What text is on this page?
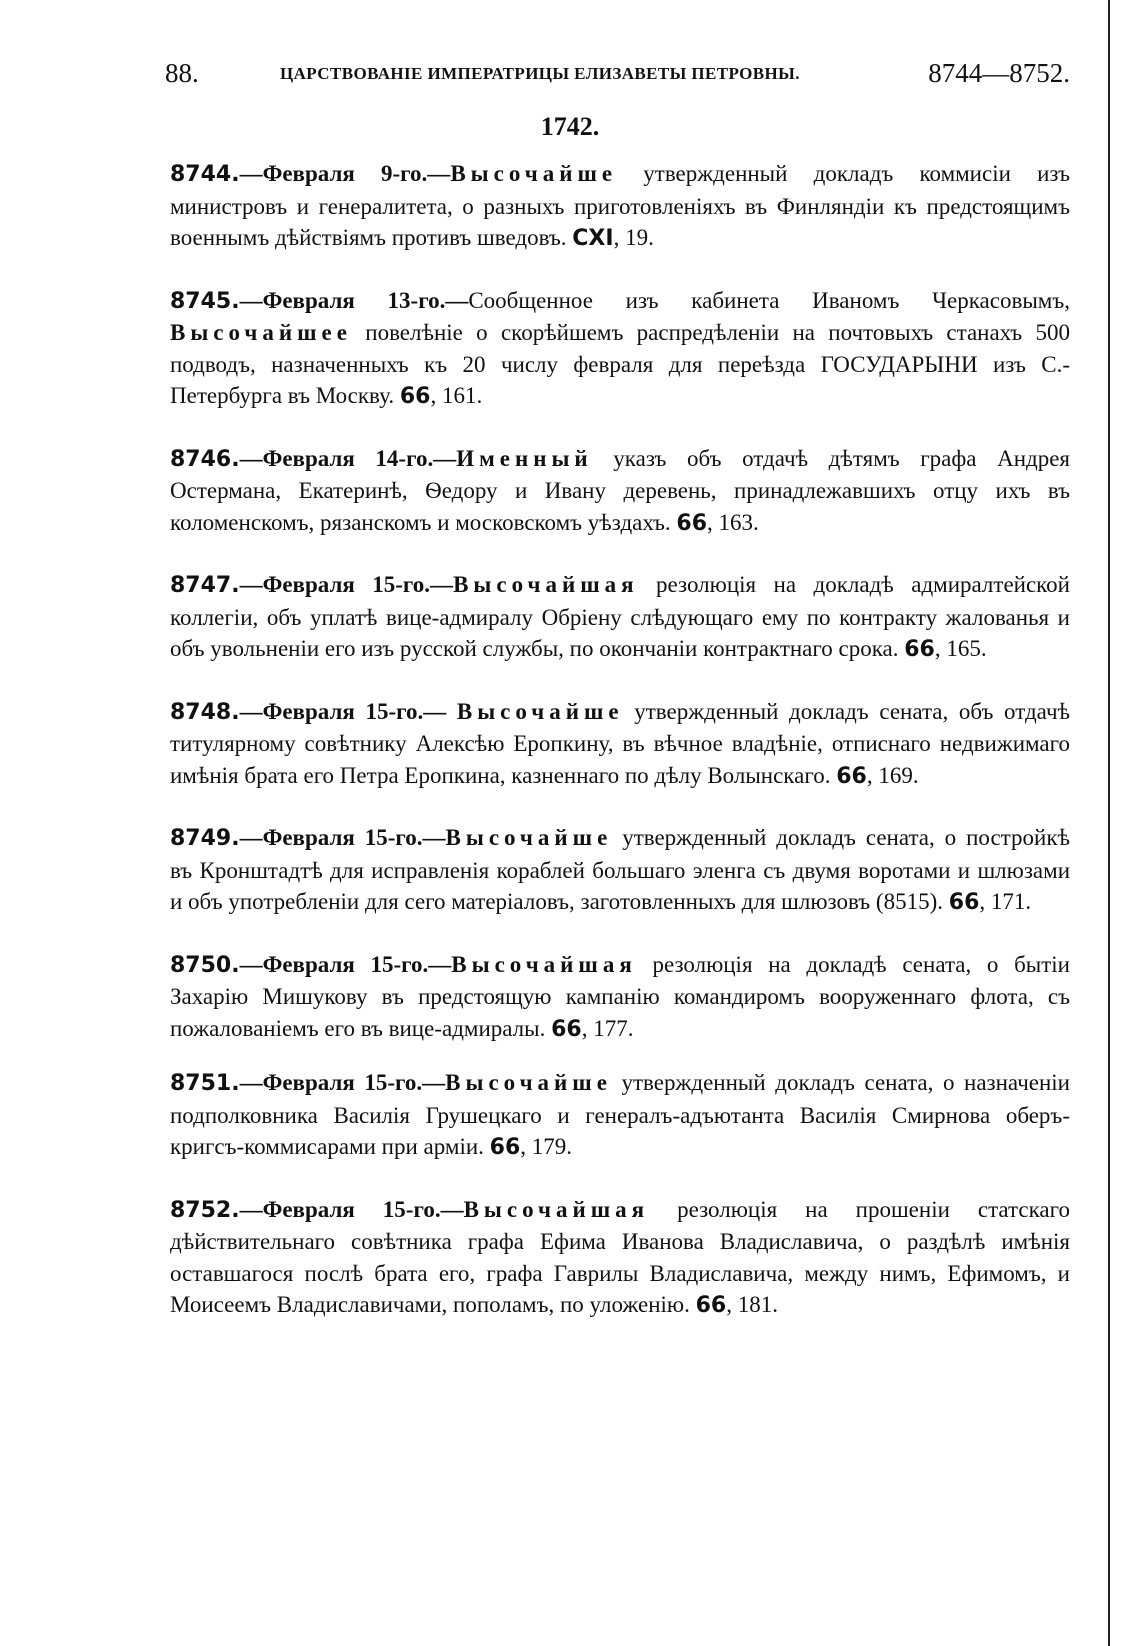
88.	ЦАРСТВОВАНІЕ ИМПЕРАТРИЦЫ ЕЛИЗАВЕТЫ ПЕТРОВНЫ.	8744—8752.
1742.

8744.—Февраля 9-го.—Высочайше утвержденный докладъ коммисіи изъ министровъ и генералитета, о разныхъ приготовленіяхъ въ Финляндіи къ предстоящимъ военнымъ дѣйствіямъ противъ шведовъ. CXI, 19.

8745.—Февраля 13-го.—Сообщенное изъ кабинета Иваномъ Черкасовымъ, Высочайшее повелѣніе о скорѣйшемъ распредѣленіи на почтовыхъ станахъ 500 подводъ, назначенныхъ къ 20 числу февраля для переѣзда ГОСУДАРЫНИ изъ С.-Петербурга въ Москву. 66, 161.

8746.—Февраля 14-го.—Именный указъ объ отдачѣ дѣтямъ графа Андрея Остермана, Екатеринѣ, Ѳедору и Ивану деревень, принадлежавшихъ отцу ихъ въ коломенскомъ, рязанскомъ и московскомъ уѣздахъ. 66, 163.

8747.—Февраля 15-го.—Высочайшая резолюція на докладѣ адмиралтейской коллегіи, объ уплатѣ вице-адмиралу Обріену слѣдующаго ему по контракту жалованья и объ увольненіи его изъ русской службы, по окончаніи контрактнаго срока. 66, 165.

8748.—Февраля 15-го.— Высочайше утвержденный докладъ сената, объ отдачѣ титулярному совѣтнику Алексѣю Еропкину, въ вѣчное владѣніе, отписнаго недвижимаго имѣнія брата его Петра Еропкина, казненнаго по дѣлу Волынскаго. 66, 169.

8749.—Февраля 15-го.—Высочайше утвержденный докладъ сената, о постройкѣ въ Кронштадтѣ для исправленія кораблей большаго эленга съ двумя воротами и шлюзами и объ употребленіи для сего матеріаловъ, заготовленныхъ для шлюзовъ (8515). 66, 171.

8750.—Февраля 15-го.—Высочайшая резолюція на докладѣ сената, о бытіи Захарію Мишукову въ предстоящую кампанію командиромъ вооруженнаго флота, съ пожалованіемъ его въ вице-адмиралы. 66, 177.

8751.—Февраля 15-го.—Высочайше утвержденный докладъ сената, о назначеніи подполковника Василія Грушецкаго и генералъ-адъютанта Василія Смирнова оберъ-кригсъ-коммисарами при арміи. 66, 179.

8752.—Февраля 15-го.—Высочайшая резолюція на прошеніи статскаго дѣйствительнаго совѣтника графа Ефима Иванова Владиславича, о раздѣлѣ имѣнія оставшагося послѣ брата его, графа Гаврилы Владиславича, между нимъ, Ефимомъ, и Моисеемъ Владиславичами, пополамъ, по уложенію. 66, 181.
